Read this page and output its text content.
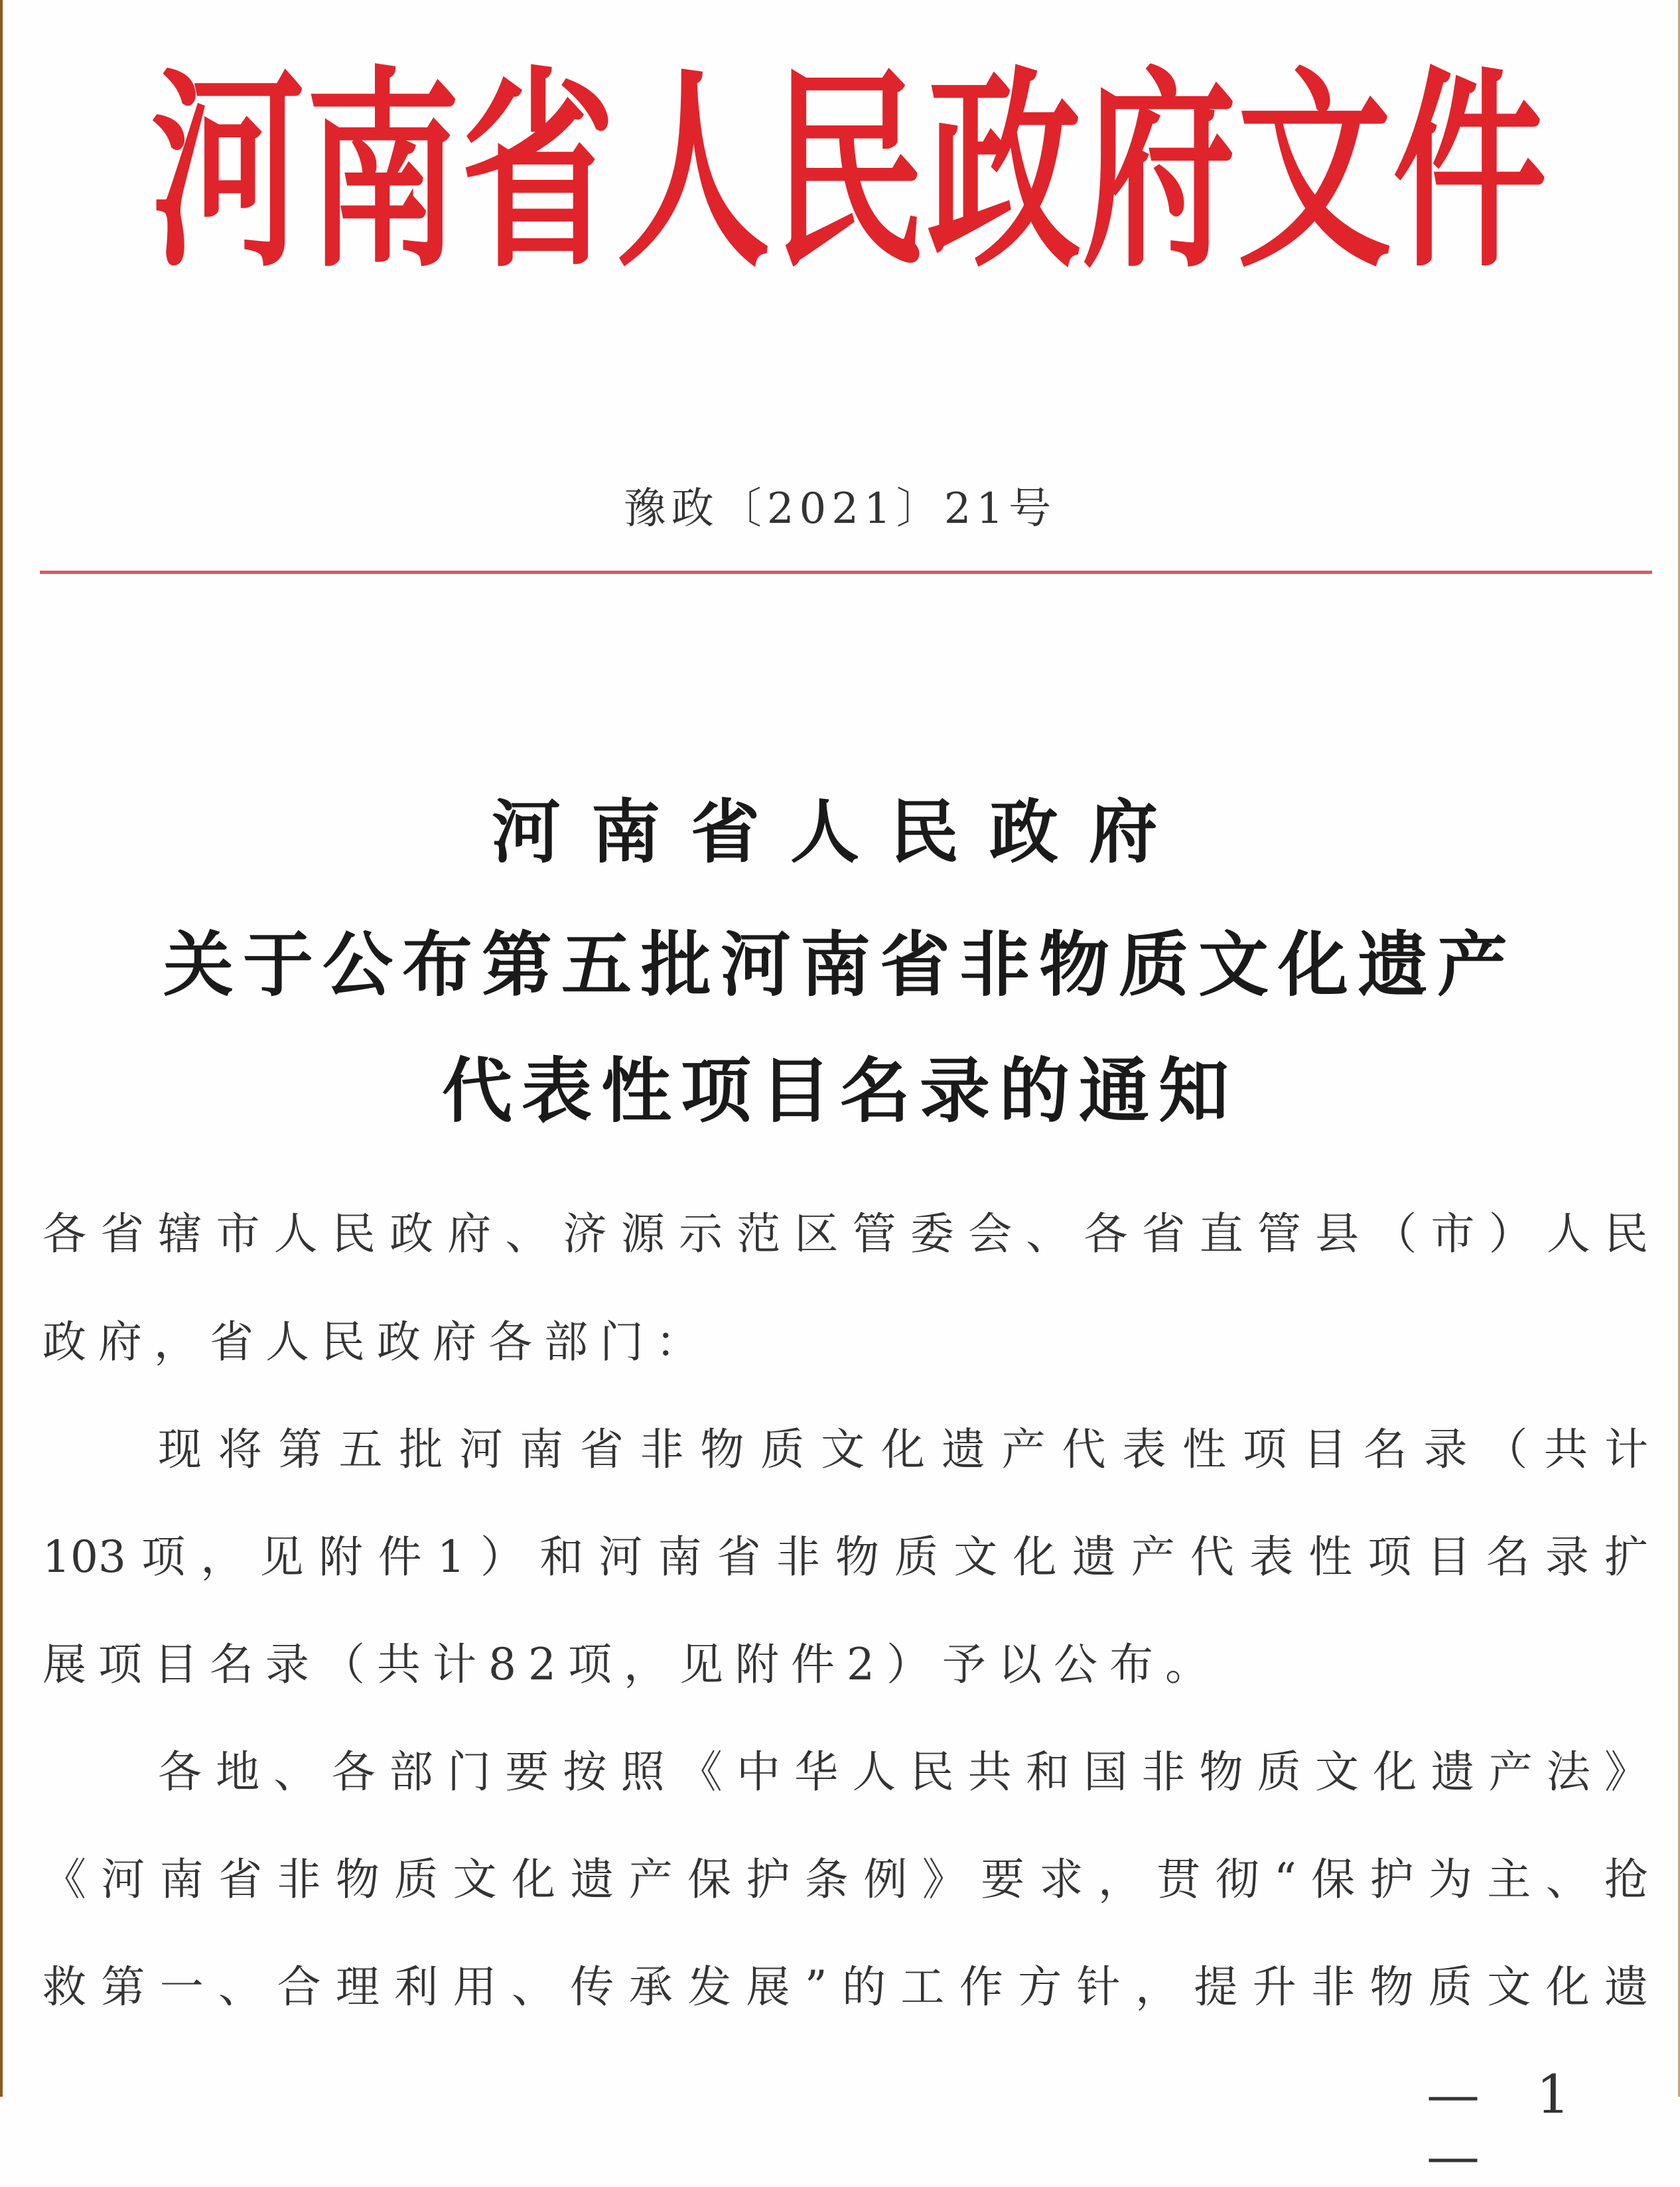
河南省人民政府文件
豫政〔2021〕21号
河南省人民政府
关于公布第五批河南省非物质文化遗产
代表性项目名录的通知
各省辖市人民政府、济源示范区管委会、各省直管县（市）人民
政府，省人民政府各部门：
现将第五批河南省非物质文化遗产代表性项目名录（共计
103项，见附件1）和河南省非物质文化遗产代表性项目名录扩
展项目名录（共计82项，见附件2）予以公布。
各地、各部门要按照《中华人民共和国非物质文化遗产法》
《河南省非物质文化遗产保护条例》要求，贯彻“保护为主、抢
救第一、合理利用、传承发展”的工作方针，提升非物质文化遗
— 1 —
